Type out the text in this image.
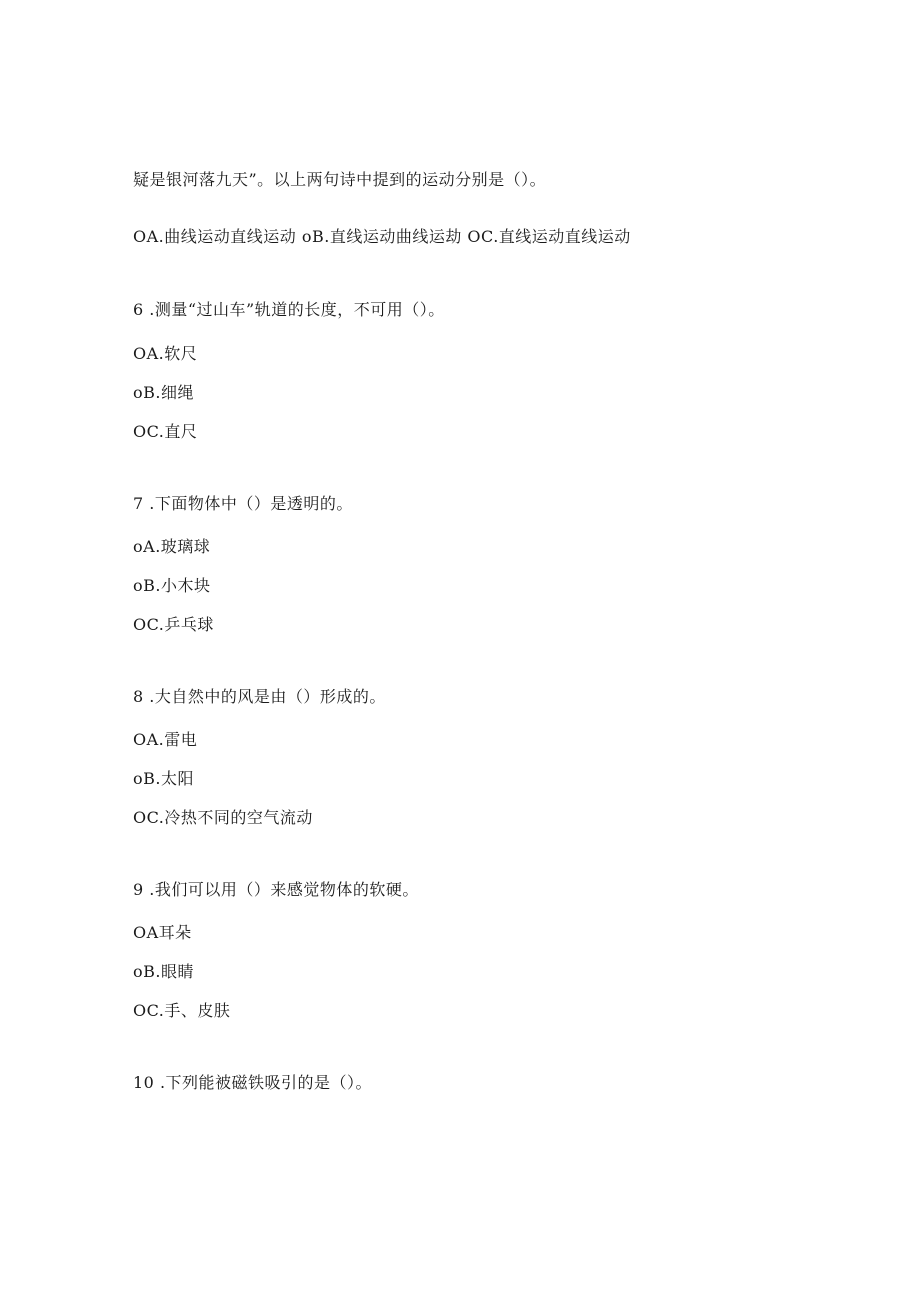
疑是银河落九天”。以上两句诗中提到的运动分别是（）。
OA.曲线运动直线运动 oB.直线运动曲线运劫 OC.直线运动直线运动
6 .测量“过山车”轨道的长度，不可用（）。
OA.软尺
oB.细绳
OC.直尺
7 .下面物体中（）是透明的。
oA.玻璃球
oB.小木块
OC.乒乓球
8 .大自然中的风是由（）形成的。
OA.雷电
oB.太阳
OC.冷热不同的空气流动
9 .我们可以用（）来感觉物体的软硬。
OA耳朵
oB.眼睛
OC.手、皮肤
10 .下列能被磁铁吸引的是（）。
